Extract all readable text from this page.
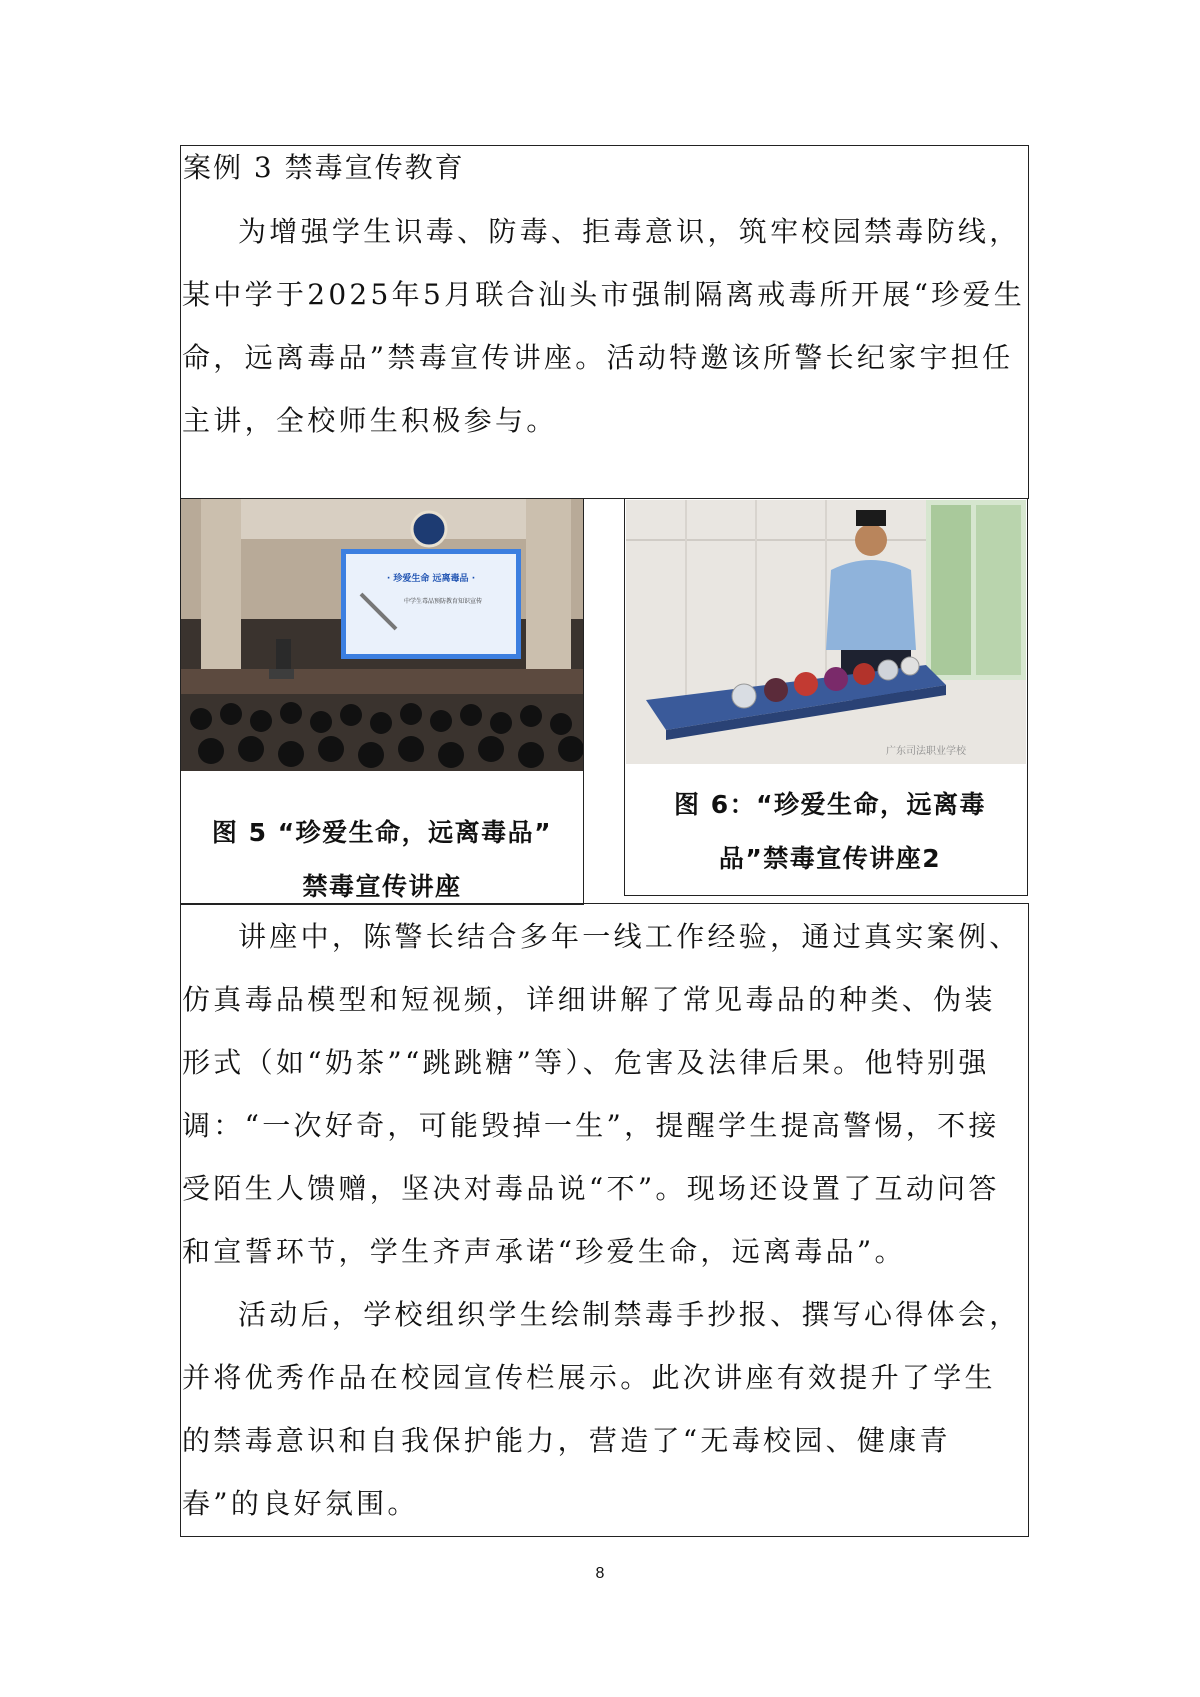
案例 3 禁毒宣传教育

为增强学生识毒、防毒、拒毒意识，筑牢校园禁毒防线，某中学于2025年5月联合汕头市强制隔离戒毒所开展“珍爱生命，远离毒品”禁毒宣传讲座。活动特邀该所警长纪家宇担任主讲，全校师生积极参与。

· 珍爱生命 远离毒品 ·
中学生毒品预防教育知识宣传

图 5 “珍爱生命，远离毒品”
禁毒宣传讲座

广东司法职业学校

图 6：“珍爱生命，远离毒
品”禁毒宣传讲座2

讲座中，陈警长结合多年一线工作经验，通过真实案例、仿真毒品模型和短视频，详细讲解了常见毒品的种类、伪装形式（如“奶茶”“跳跳糖”等）、危害及法律后果。他特别强调：“一次好奇，可能毁掉一生”，提醒学生提高警惕，不接受陌生人馈赠，坚决对毒品说“不”。现场还设置了互动问答和宣誓环节，学生齐声承诺“珍爱生命，远离毒品”。

活动后，学校组织学生绘制禁毒手抄报、撰写心得体会，并将优秀作品在校园宣传栏展示。此次讲座有效提升了学生的禁毒意识和自我保护能力，营造了“无毒校园、健康青春”的良好氛围。

8
